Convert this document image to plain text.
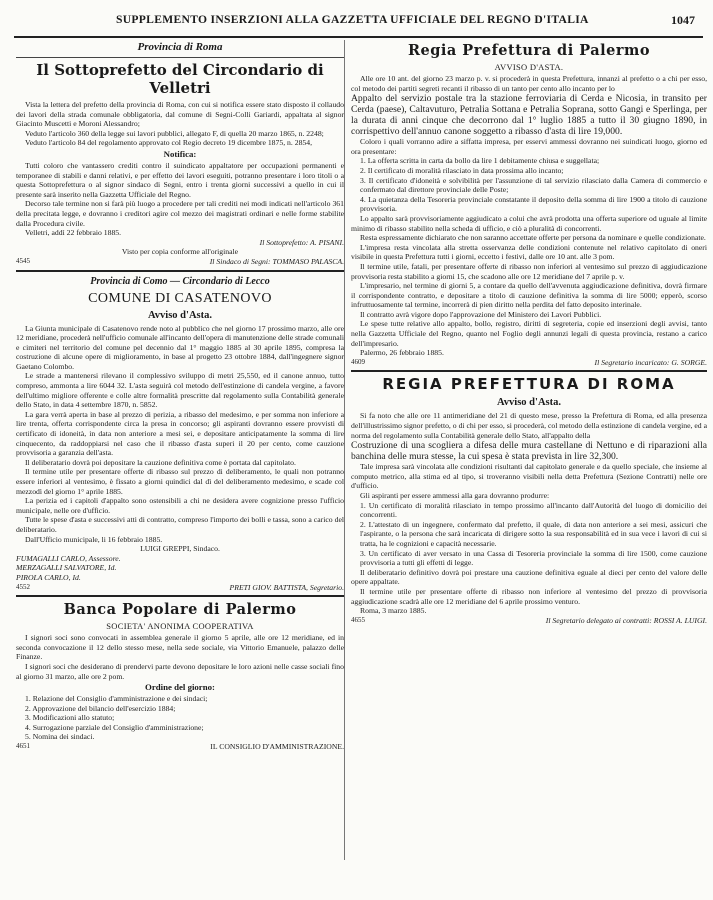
SUPPLEMENTO INSERZIONI ALLA GAZZETTA UFFICIALE DEL REGNO D'ITALIA	1047
Provincia di Roma
Il Sottoprefetto del Circondario di Velletri

Vista la lettera del prefetto della provincia di Roma, con cui si notifica essere stato disposto il collaudo dei lavori della strada comunale obbligatoria, dal comune di Segni-Colli Gariardi, appaltata al signor Giacinto Muscetti e Moroni Alessandro;

Veduto l'articolo 360 della legge sui lavori pubblici, allegato F, di quella 20 marzo 1865, n. 2248;

Veduto l'articolo 84 del regolamento approvato col Regio decreto 19 dicembre 1875, n. 2854,

Notifica:

Tutti coloro che vantassero crediti contro il suindicato appaltatore per occupazioni permanenti e temporanee di stabili e danni relativi, e per effetto dei lavori eseguiti, potranno presentare i loro titoli o a questa Sottoprefettura o al signor sindaco di Segni, entro i trenta giorni successivi a quello in cui il presente sarà inserito nella Gazzetta Ufficiale del Regno.

Decorso tale termine non si farà più luogo a procedere per tali crediti nei modi indicati nell'articolo 361 della precitata legge, e dovranno i creditori agire col mezzo dei magistrati ordinari e nelle forme stabilite dalla Procedura civile.

Velletri, addì 22 febbraio 1885.

Il Sottoprefetto: A. PISANI.
Visto per copia conforme all'originale
4545	Il Sindaco di Segni: TOMMASO PALASCA.
Provincia di Como — Circondario di Lecco
COMUNE DI CASATENOVO
Avviso d'Asta.

La Giunta municipale di Casatenovo rende noto al pubblico che nel giorno 17 prossimo marzo, alle ore 12 meridiane, procederà nell'ufficio comunale all'incanto dell'opera di manutenzione delle strade comunali e cimiteri nel territorio del comune pel decennio dal 1° maggio 1885 al 30 aprile 1895, compresa la costruzione di alcune opere di miglioramento, in base al progetto 23 ottobre 1884, dall'ingegnere signor Gaetano Colombo.

Le strade a mantenersi rilevano il complessivo sviluppo di metri 25,550, ed il canone annuo, tutto compreso, ammonta a lire 6044 32. L'asta seguirà col metodo dell'estinzione di candela vergine, a favore dell'ultimo migliore offerente e colle altre formalità prescritte dal regolamento sulla Contabilità generale dello Stato, in data 4 settembre 1870, n. 5852.

La gara verrà aperta in base al prezzo di perizia, a ribasso del medesimo, e per somma non inferiore a lire trenta, offerta corrispondente circa la presa in concorso; gli aspiranti dovranno essere provvisti di certificato di idoneità, in data non anteriore a mesi sei, e depositare anticipatamente la somma di lire cinquecento, da raddoppiarsi nel caso che il ribasso d'asta superi il 20 per cento, come cauzione provvisoria a garanzia dell'asta.

Il deliberatario dovrà poi depositare la cauzione definitiva come è portata dal capitolato.

Il termine utile per presentare offerte di ribasso sul prezzo di deliberamento, le quali non potranno essere inferiori al ventesimo, è fissato a giorni quindici dal dì del deliberamento medesimo, e scade col mezzodì del giorno 1° aprile 1885.

La perizia ed i capitoli d'appalto sono ostensibili a chi ne desidera avere cognizione presso l'ufficio municipale, nelle ore d'ufficio.

Tutte le spese d'asta e successivi atti di contratto, compreso l'importo dei bolli e tassa, sono a carico del deliberatario.

Dall'Ufficio municipale, li 16 febbraio 1885.

LUIGI GREPPI, Sindaco.
FUMAGALLI CARLO, Assessore.
MERZAGALLI SALVATORE, Id.
PIROLA CARLO, Id.
4552	PRETI GIOV. BATTISTA, Segretario.
Banca Popolare di Palermo
SOCIETA' ANONIMA COOPERATIVA

I signori soci sono convocati in assemblea generale il giorno 5 aprile, alle ore 12 meridiane, ed in seconda convocazione il 12 dello stesso mese, nella sede sociale, via Vittorio Emanuele, palazzo delle Finanze.

I signori soci che desiderano di prendervi parte devono depositare le loro azioni nelle casse sociali fino al giorno 31 marzo, alle ore 2 pom.

Ordine del giorno:

1. Relazione del Consiglio d'amministrazione e dei sindaci;

2. Approvazione del bilancio dell'esercizio 1884;

3. Modificazioni allo statuto;

4. Surrogazione parziale del Consiglio d'amministrazione;

5. Nomina dei sindaci.

4651	IL CONSIGLIO D'AMMINISTRAZIONE.
Regia Prefettura di Palermo
AVVISO D'ASTA.

Alle ore 10 ant. del giorno 23 marzo p. v. si procederà in questa Prefettura, innanzi al prefetto o a chi per esso, col metodo dei partiti segreti recanti il ribasso di un tanto per cento allo incanto per lo

Appalto del servizio postale tra la stazione ferroviaria di Cerda e Nicosia, in transito per Cerda (paese), Caltavuturo, Petralia Sottana e Petralia Soprana, sotto Gangi e Sperlinga, per la durata di anni cinque che decorrono dal 1° luglio 1885 a tutto il 30 giugno 1890, in corrispettivo dell'annuo canone soggetto a ribasso d'asta di lire 19,000.

Coloro i quali vorranno adire a siffatta impresa, per esservi ammessi dovranno nei suindicati luogo, giorno ed ora presentare:

1. La offerta scritta in carta da bollo da lire 1 debitamente chiusa e suggellata;

2. Il certificato di moralità rilasciato in data prossima allo incanto;

3. Il certificato d'idoneità e solvibilità per l'assunzione di tal servizio rilasciato dalla Camera di commercio e confermato dal direttore provinciale delle Poste;

4. La quietanza della Tesoreria provinciale constatante il deposito della somma di lire 1900 a titolo di cauzione provvisoria.

Lo appalto sarà provvisoriamente aggiudicato a colui che avrà prodotta una offerta superiore od uguale al limite minimo di ribasso stabilito nella scheda di ufficio, e ciò a pluralità di concorrenti.

Resta espressamente dichiarato che non saranno accettate offerte per persona da nominare e quelle condizionate.

L'impresa resta vincolata alla stretta osservanza delle condizioni contenute nel relativo capitolato di oneri visibile in questa Prefettura tutti i giorni, eccetto i festivi, dalle ore 10 ant. alle 3 pom.

Il termine utile, fatali, per presentare offerte di ribasso non inferiori al ventesimo sul prezzo di aggiudicazione provvisoria resta stabilito a giorni 15, che scadono alle ore 12 meridiane del 7 aprile p. v.

L'impresario, nel termine di giorni 5, a contare da quello dell'avvenuta aggiudicazione definitiva, dovrà firmare il corrispondente contratto, e depositare a titolo di cauzione definitiva la somma di lire 5000; epperò, scorso infruttuosamente tal termine, incorrerà di pien diritto nella perdita del fatto deposito interinale.

Il contratto avrà vigore dopo l'approvazione del Ministero dei Lavori Pubblici.

Le spese tutte relative allo appalto, bollo, registro, diritti di segreteria, copie ed inserzioni degli avvisi, tanto nella Gazzetta Ufficiale del Regno, quanto nel Foglio degli annunzi legali di questa provincia, restano a carico dell'impresario.

Palermo, 26 febbraio 1885.

4609	Il Segretario incaricato: G. SORGE.
REGIA PREFETTURA DI ROMA
Avviso d'Asta.

Si fa noto che alle ore 11 antimeridiane del 21 di questo mese, presso la Prefettura di Roma, ed alla presenza dell'illustrissimo signor prefetto, o di chi per esso, si procederà, col metodo della estinzione di candela vergine, ed a norma del regolamento sulla Contabilità generale dello Stato, all'appalto della

Costruzione di una scogliera a difesa delle mura castellane di Nettuno e di riparazioni alla banchina delle mura stesse, la cui spesa è stata prevista in lire 32,300.

Tale impresa sarà vincolata alle condizioni risultanti dal capitolato generale e da quello speciale, che insieme al computo metrico, alla stima ed al tipo, si troveranno visibili nella detta Prefettura (Sezione Contratti) nelle ore d'ufficio.

Gli aspiranti per essere ammessi alla gara dovranno produrre:

1. Un certificato di moralità rilasciato in tempo prossimo all'incanto dall'Autorità del luogo di domicilio dei concorrenti.

2. L'attestato di un ingegnere, confermato dal prefetto, il quale, di data non anteriore a sei mesi, assicuri che l'aspirante, o la persona che sarà incaricata di dirigere sotto la sua responsabilità ed in sua vece i lavori di cui si tratta, ha le cognizioni e capacità necessarie.

3. Un certificato di aver versato in una Cassa di Tesoreria provinciale la somma di lire 1500, come cauzione provvisoria a tutti gli effetti di legge.

Il deliberatario definitivo dovrà poi prestare una cauzione definitiva eguale al dieci per cento del valore delle opere appaltate.

Il termine utile per presentare offerte di ribasso non inferiore al ventesimo del prezzo di provvisoria aggiudicazione scadrà alle ore 12 meridiane del 6 aprile prossimo venturo.

Roma, 3 marzo 1885.

4655	Il Segretario delegato ai contratti: ROSSI A. LUIGI.
